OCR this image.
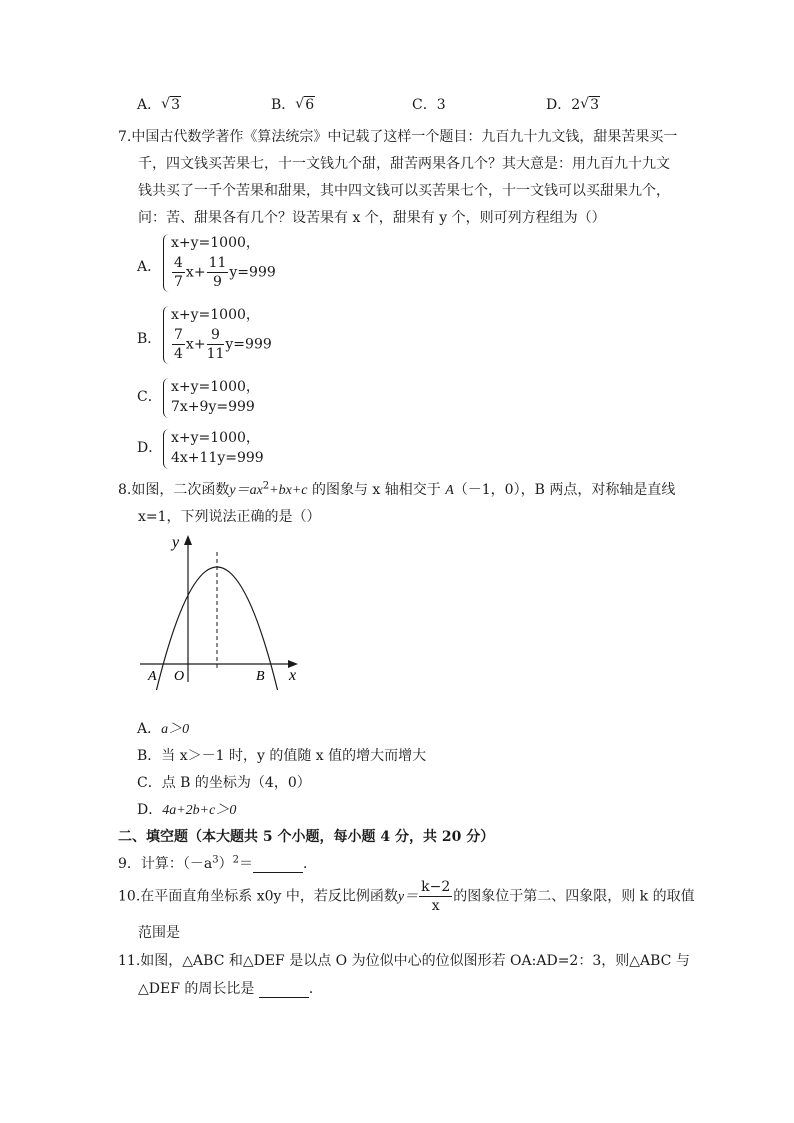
A． √ 3	B． √ 6	C．3	D．2 √ 3
7.中国古代数学著作《算法统宗》中记载了这样一个题目：九百九十九文钱，甜果苦果买一
千，四文钱买苦果七，十一文钱九个甜，甜苦两果各几个？其大意是：用九百九十九文
钱共买了一千个苦果和甜果，其中四文钱可以买苦果七个，十一文钱可以买甜果九个，
问：苦、甜果各有几个？设苦果有 x 个，甜果有 y 个，则可列方程组为（）
A．
x+y=1000，
$\frac{4}{7} x+ \frac{11}{9} y=999$
B．
x+y=1000，
$\frac{7}{4} x+ \frac{9}{11} y=999$
C．
x+y=1000，
7x+9y=999
D．
x+y=1000，
4x+11y=999
8.如图，二次函数$y=ax^2+bx+c$ 的图象与 x 轴相交于 A（－1，0），B 两点，对称轴是直线
x=1，下列说法正确的是（）
y
x
O
A	B
A．a＞0
B．当 x＞－1 时，y 的值随 x 值的增大而增大
C．点 B 的坐标为（4，0）
D．4a+2b+c＞0
二、填空题（本大题共 5 个小题，每小题 4 分，共 20 分）
9．计算：$(-a^3)^2=$	．
10.在平面直角坐标系 x0y 中，若反比例函数$y= \frac{k-2}{x}$ 的图象位于第二、四象限，则 k 的取值
范围是
11.如图，△ABC 和△DEF 是以点 O 为位似中心的位似图形若 OA:AD=2：3，则△ABC 与
△DEF 的周长比是	．
